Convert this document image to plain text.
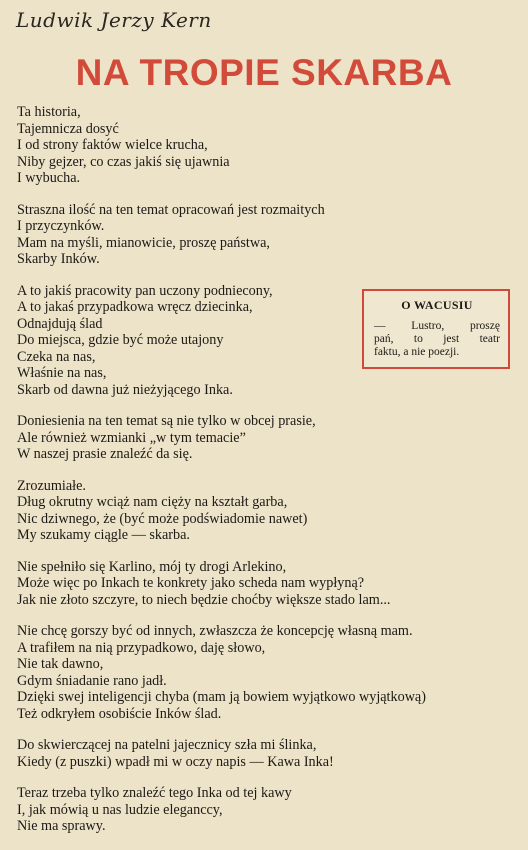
Ludwik Jerzy Kern
NA TROPIE SKARBA
Ta historia,
Tajemnicza dosyć
I od strony faktów wielce krucha,
Niby gejzer, co czas jakiś się ujawnia
I wybucha.
Straszna ilość na ten temat opracowań jest rozmaitych
I przyczynków.
Mam na myśli, mianowicie, proszę państwa,
Skarby Inków.
A to jakiś pracowity pan uczony podniecony,
A to jakaś przypadkowa wręcz dziecinka,
Odnajdują ślad
Do miejsca, gdzie być może utajony
Czeka na nas,
Właśnie na nas,
Skarb od dawna już nieżyjącego Inka.
Doniesienia na ten temat są nie tylko w obcej prasie,
Ale również wzmianki „w tym temacie”
W naszej prasie znaleźć da się.
Zrozumiałe.
Dług okrutny wciąż nam cięży na kształt garba,
Nic dziwnego, że (być może podświadomie nawet)
My szukamy ciągle — skarba.
Nie spełniło się Karlino, mój ty drogi Arlekino,
Może więc po Inkach te konkrety jako scheda nam wypłyną?
Jak nie złoto szczyre, to niech będzie choćby większe stado lam...
Nie chcę gorszy być od innych, zwłaszcza że koncepcję własną mam.
A trafiłem na nią przypadkowo, daję słowo,
Nie tak dawno,
Gdym śniadanie rano jadł.
Dzięki swej inteligencji chyba (mam ją bowiem wyjątkowo wyjątkową)
Też odkryłem osobiście Inków ślad.
Do skwierczącej na patelni jajecznicy szła mi ślinka,
Kiedy (z puszki) wpadł mi w oczy napis — Kawa Inka!
Teraz trzeba tylko znaleźć tego Inka od tej kawy
I, jak mówią u nas ludzie eleganccy,
Nie ma sprawy.
O WACUSIU
— Lustro, proszę
pań, to jest teatr
faktu, a nie poezji.
